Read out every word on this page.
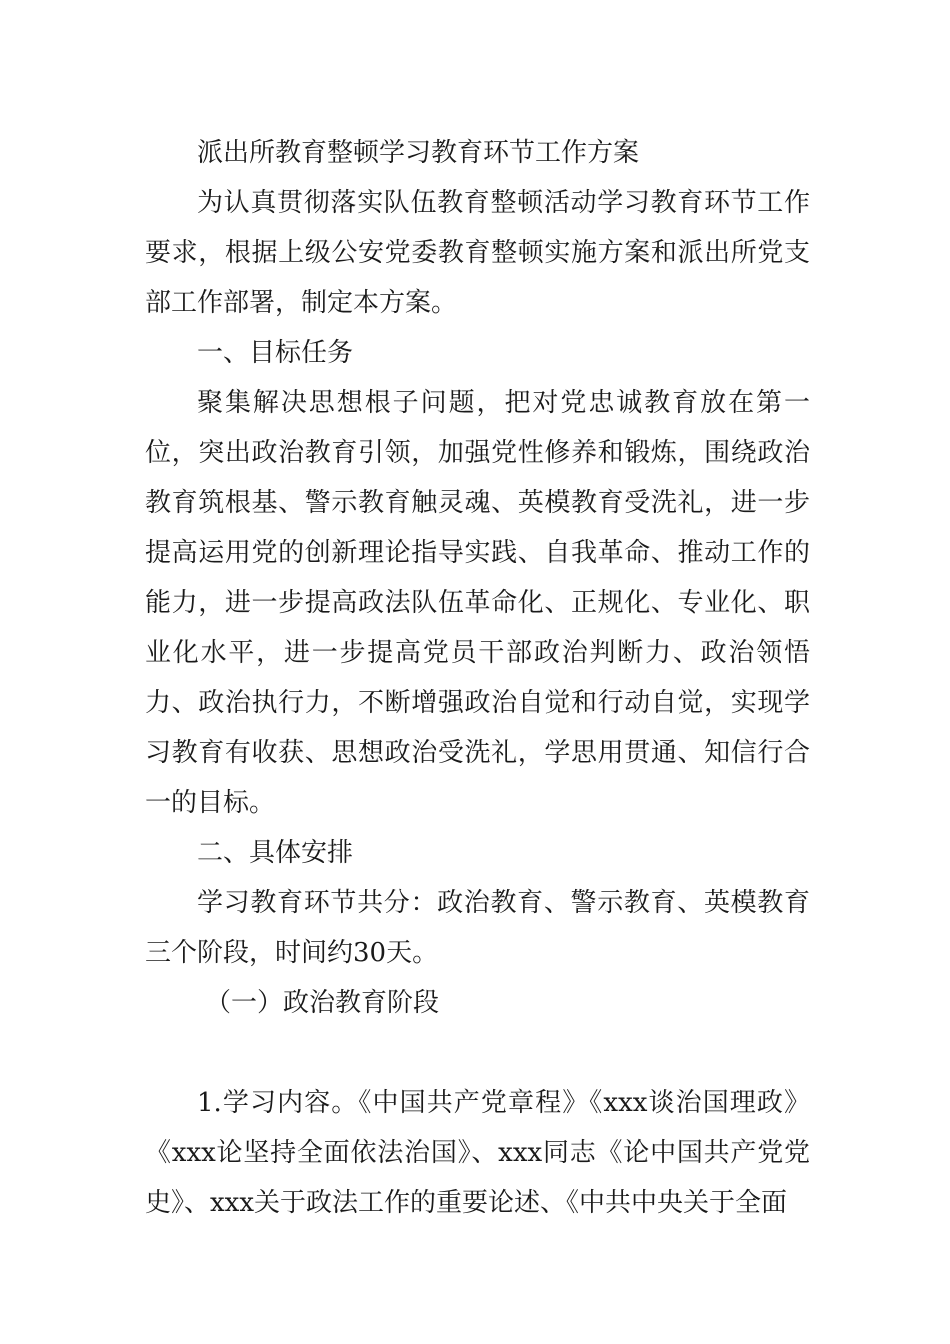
派出所教育整顿学习教育环节工作方案

为认真贯彻落实队伍教育整顿活动学习教育环节工作要求，根据上级公安党委教育整顿实施方案和派出所党支部工作部署，制定本方案。

一、目标任务

聚集解决思想根子问题，把对党忠诚教育放在第一位，突出政治教育引领，加强党性修养和锻炼，围绕政治教育筑根基、警示教育触灵魂、英模教育受洗礼，进一步提高运用党的创新理论指导实践、自我革命、推动工作的能力，进一步提高政法队伍革命化、正规化、专业化、职业化水平，进一步提高党员干部政治判断力、政治领悟力、政治执行力，不断增强政治自觉和行动自觉，实现学习教育有收获、思想政治受洗礼，学思用贯通、知信行合一的目标。

二、具体安排

学习教育环节共分：政治教育、警示教育、英模教育三个阶段，时间约30天。

（一）政治教育阶段

1.学习内容。《中国共产党章程》《xxx谈治国理政》《xxx论坚持全面依法治国》、xxx同志《论中国共产党党史》、xxx关于政法工作的重要论述、《中共中央关于全面
